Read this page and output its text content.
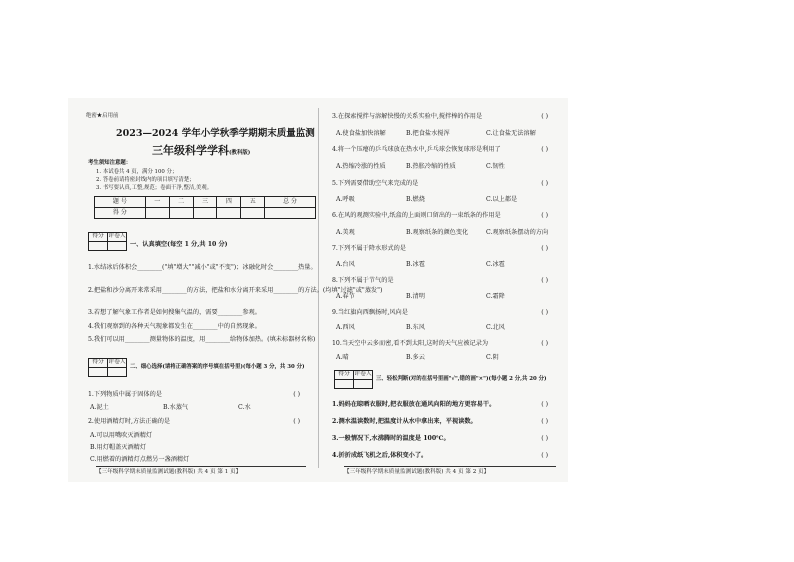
绝密★启用前
2023—2024 学年小学秋季学期期末质量监测
三年级科学学科(教科版)
考生须知注意题：
1. 本试卷共 4 页，满分 100 分；
2. 答卷前请将密封线内的项目填写清楚；
3. 书写要认真,工整,规范；卷面干净,整洁,美观。
题 号	一	二	三	四	五	总 分
得 分						
得分	评卷人

一、认真填空(每空 1 分,共 10 分)
1.水结冰后体积会________("填"增大""减小"或"不变")；冰融化时会________热量。
2.把盐和沙分离开来常采用________的方法，把盐和水分离开来采用________的方法。(均填"过滤"或"蒸发")
3.若想了解气象工作者是如何搜集气温的，需要________参观。
4.我们观察到的各种天气现象都发生在________中的自然现象。
5.我们可以用________测量物体的温度，用________给物体加热。(填未标器材名称)
得分	评卷人

二、细心选择(请将正确答案的序号填在括号里)(每小题 3 分，共 30 分)
1.下列物质中属于固体的是	( )
A.泥土	B.水蒸气	C.水
2.使用酒精灯时,方法正确的是	( )
A.可以用嘴吹灭酒精灯
B.用灯帽盖灭酒精灯
C.用燃着的酒精灯点燃另一盏酒精灯
【三年级科学期末质量监测试题(教科版) 共 4 页 第 1 页】
3.在探索搅拌与溶解快慢的关系实验中,搅拌棒的作用是	( )
A.使食盐加快溶解	B.把食盐水搅浑	C.让食盐无法溶解
4.将一个压瘪的乒乓球放在热水中,乒乓球会恢复球形是利用了	( )
A.热缩冷涨的性质	B.热胀冷缩的性质	C.韧性
5.下列需要借助空气来完成的是	( )
A.呼吸	B.燃烧	C.以上都是
6.在风的观测实验中,纸盒的上面则口留出的一束纸条的作用是	( )
A.美观	B.观察纸条的颜色变化	C.观察纸条摆动的方向
7.下列不属于降水形式的是	( )
A.台风	B.冰雹	C.冰雹
8.下列不属于节气的是	( )
A.春节	B.清明	C.霜降
9.当红旗向西飘扬时,风向是	( )
A.西风	B.东风	C.北风
10.当天空中云多而密,看不到太阳,这时的天气应被记录为	( )
A.晴	B.多云	C.阴
得分	评卷人

三、轻松判断(对的在括号里画"√",错的画"×")(每小题 2 分,共 20 分)
1.妈妈在晾晒衣服时,把衣服放在通风向阳的地方更容易干。	( )
2.测水温读数时,把温度计从水中拿出来，平视读数。	( )
3.一般情况下,水沸腾时的温度是 100℃。	( )
4.折折成纸飞机之后,体积变小了。	( )
【三年级科学期末质量监测试题(教科版) 共 4 页 第 2 页】
